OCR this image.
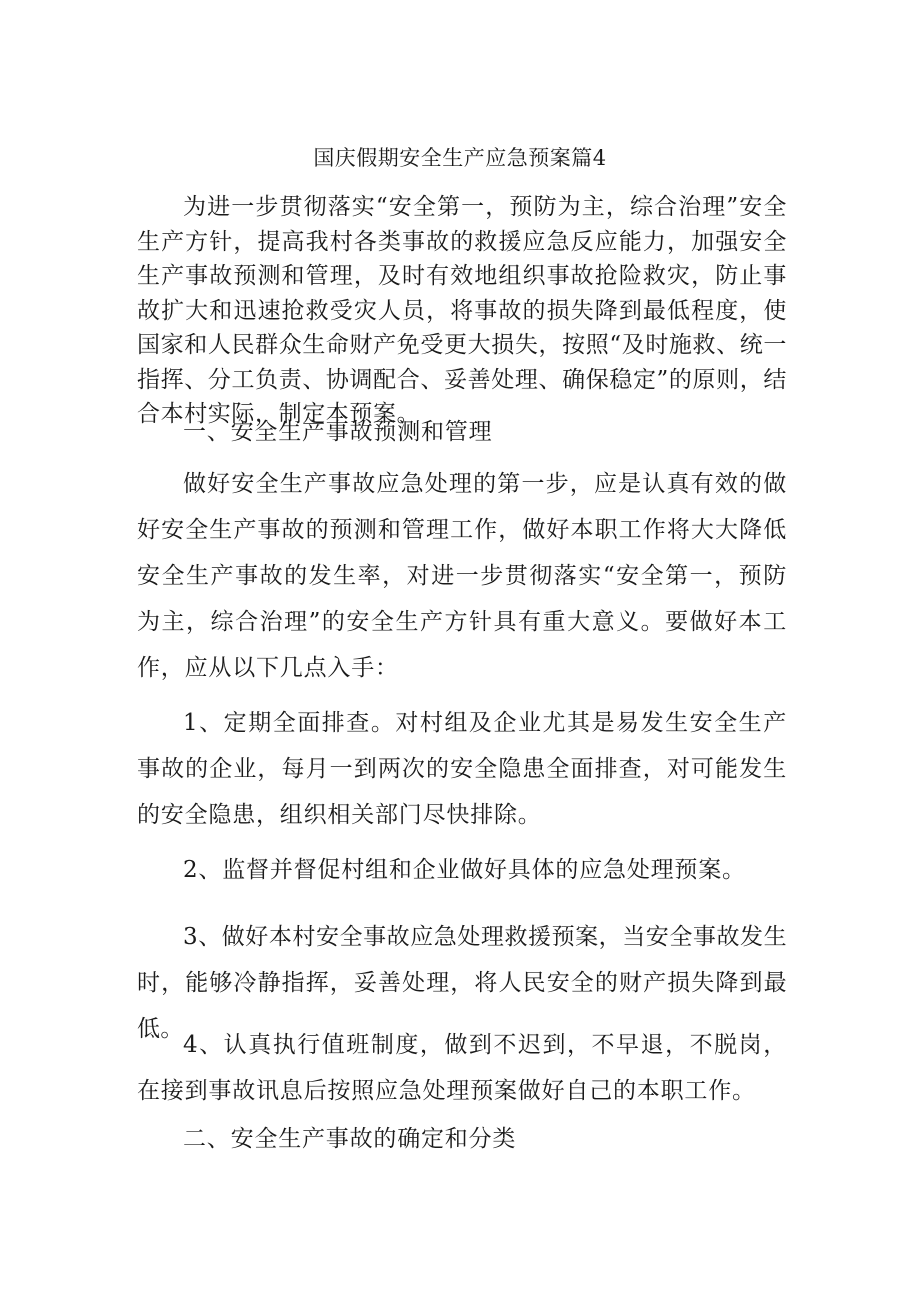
国庆假期安全生产应急预案篇4

为进一步贯彻落实“安全第一，预防为主，综合治理”安全生产方针，提高我村各类事故的救援应急反应能力，加强安全生产事故预测和管理，及时有效地组织事故抢险救灾，防止事故扩大和迅速抢救受灾人员，将事故的损失降到最低程度，使国家和人民群众生命财产免受更大损失，按照“及时施救、统一指挥、分工负责、协调配合、妥善处理、确保稳定”的原则，结合本村实际，制定本预案。

一、安全生产事故预测和管理

做好安全生产事故应急处理的第一步，应是认真有效的做好安全生产事故的预测和管理工作，做好本职工作将大大降低安全生产事故的发生率，对进一步贯彻落实“安全第一，预防为主，综合治理”的安全生产方针具有重大意义。要做好本工作，应从以下几点入手：

1、定期全面排查。对村组及企业尤其是易发生安全生产事故的企业，每月一到两次的安全隐患全面排查，对可能发生的安全隐患，组织相关部门尽快排除。

2、监督并督促村组和企业做好具体的应急处理预案。

3、做好本村安全事故应急处理救援预案，当安全事故发生时，能够冷静指挥，妥善处理，将人民安全的财产损失降到最低。

4、认真执行值班制度，做到不迟到，不早退，不脱岗，在接到事故讯息后按照应急处理预案做好自己的本职工作。

二、安全生产事故的确定和分类
